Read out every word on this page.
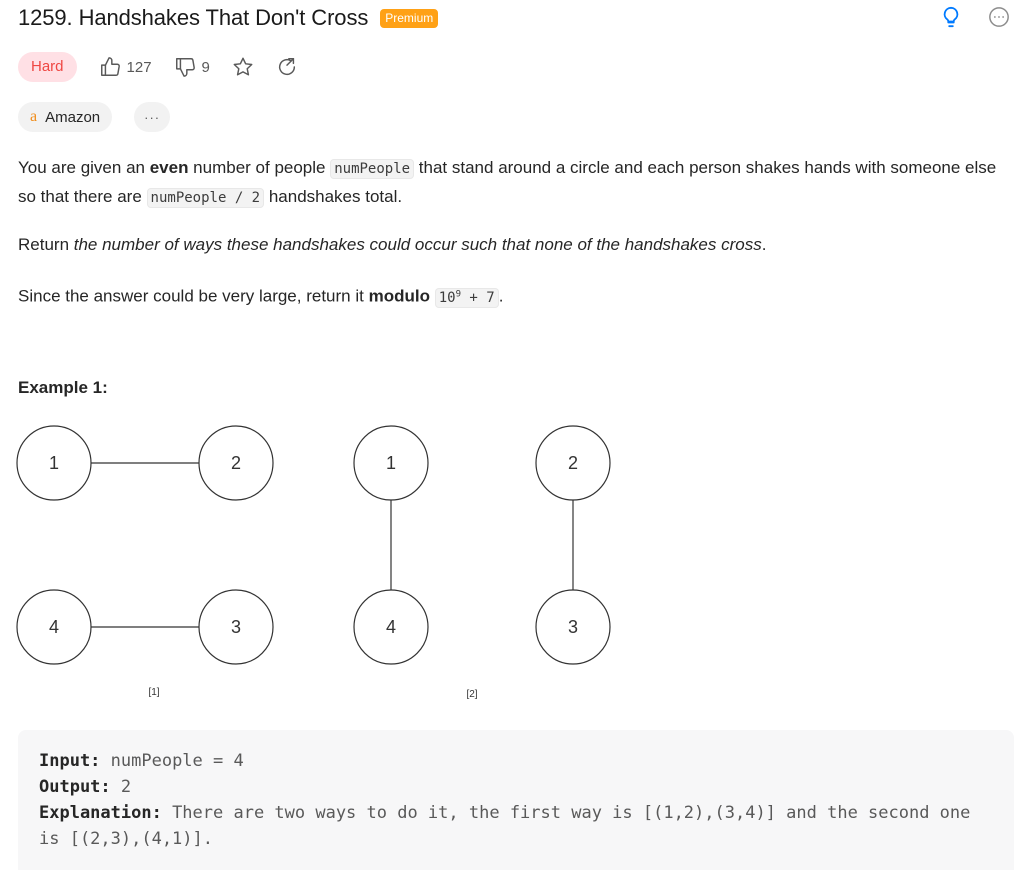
1259. Handshakes That Don't Cross	Premium
Hard	127	9
a Amazon	···
You are given an even number of people numPeople that stand around a circle and each person shakes hands with someone else so that there are numPeople / 2 handshakes total.
Return the number of ways these handshakes could occur such that none of the handshakes cross.
Since the answer could be very large, return it modulo $10^9 + 7$ .
Example 1:
1	2
4	3
1
4
2
3
[1]	[2]
Input: numPeople = 4
Output: 2
Explanation: There are two ways to do it, the first way is [(1,2),(3,4)] and the second one is [(2,3),(4,1)].
